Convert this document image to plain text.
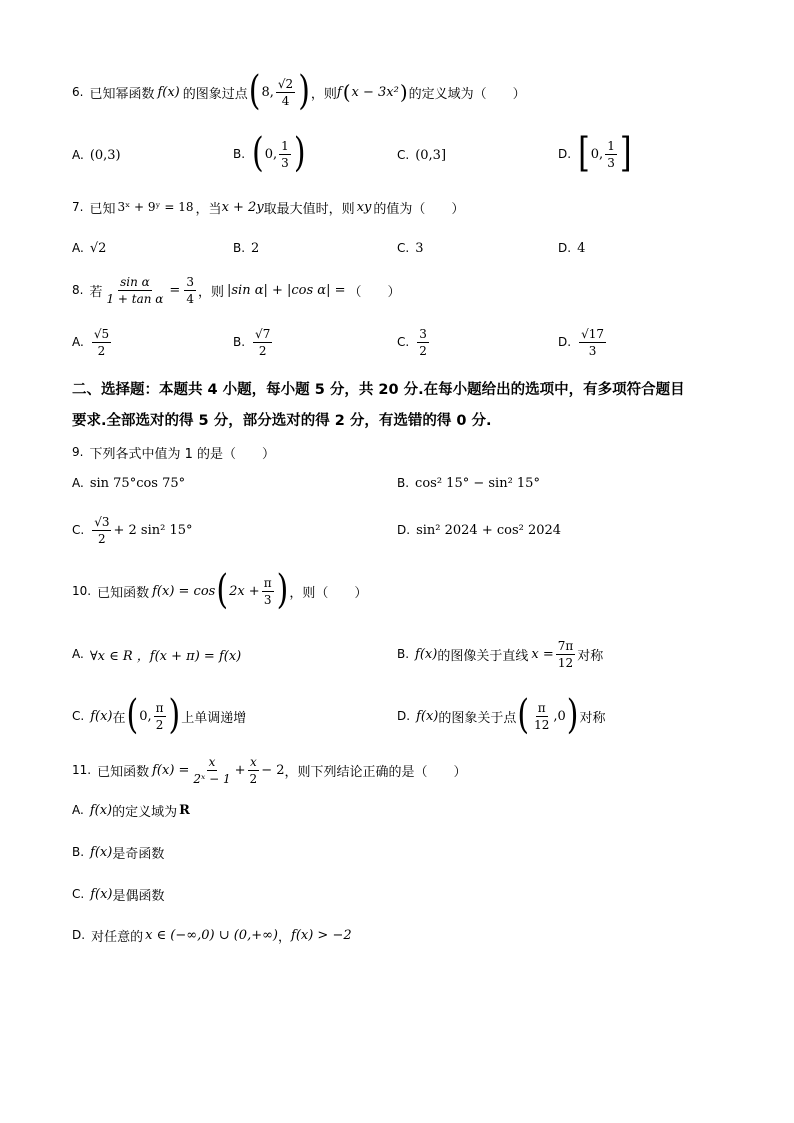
6. 已知幂函数 f(x) 的图象过点 ( 8, $\frac{√2}{4}$ ) ，则 f ( x − 3x² ) 的定义域为（　　）
A. (0,3)	B. ( 0, $\frac{1}{3}$ )	C. (0,3]	D. [ 0, $\frac{1}{3}$ ]
7. 已知 3ˣ + 9ʸ = 18 ，当 x + 2y 取最大值时，则 xy 的值为（　　）
A. √2	B. 2	C. 3	D. 4
8. 若 $\frac{\text{sin α}}{\text{1 + tan α}} = \frac{3}{4}$ ，则 |sin α| + |cos α| = （　　）
A. $\frac{√5}{2}$	B. $\frac{√7}{2}$	C. $\frac{3}{2}$	D. $\frac{√17}{3}$
二、选择题：本题共 4 小题，每小题 5 分，共 20 分.在每小题给出的选项中，有多项符合题目
要求.全部选对的得 5 分，部分选对的得 2 分，有选错的得 0 分.
9. 下列各式中值为 1 的是（　　）
A. sin 75°cos 75°	B. cos² 15° − sin² 15°
C. $\frac{√3}{2} + 2$ sin² 15°	D. sin² 2024 + cos² 2024
10. 已知函数 f(x) = cos ( $2x + \frac{\pi}{3}$ ) ，则（　　）
A. ∀x ∈ R ，f(x + π) = f(x)	B. f(x) 的图像关于直线 $x = \frac{7\pi}{12}$ 对称
C. f(x) 在 ( 0, $\frac{\pi}{2}$ ) 上单调递增	D. f(x) 的图象关于点 ( $\frac{\pi}{12} ,0$ ) 对称
11. 已知函数 $f(x) = \frac{x}{\text{2ˣ − 1}} + \frac{x}{2} - 2$ ，则下列结论正确的是（　　）
A. f(x) 的定义域为 R
B. f(x) 是奇函数
C. f(x) 是偶函数
D. 对任意的 x ∈ (−∞,0) ∪ (0,+∞) ， f(x) > −2
